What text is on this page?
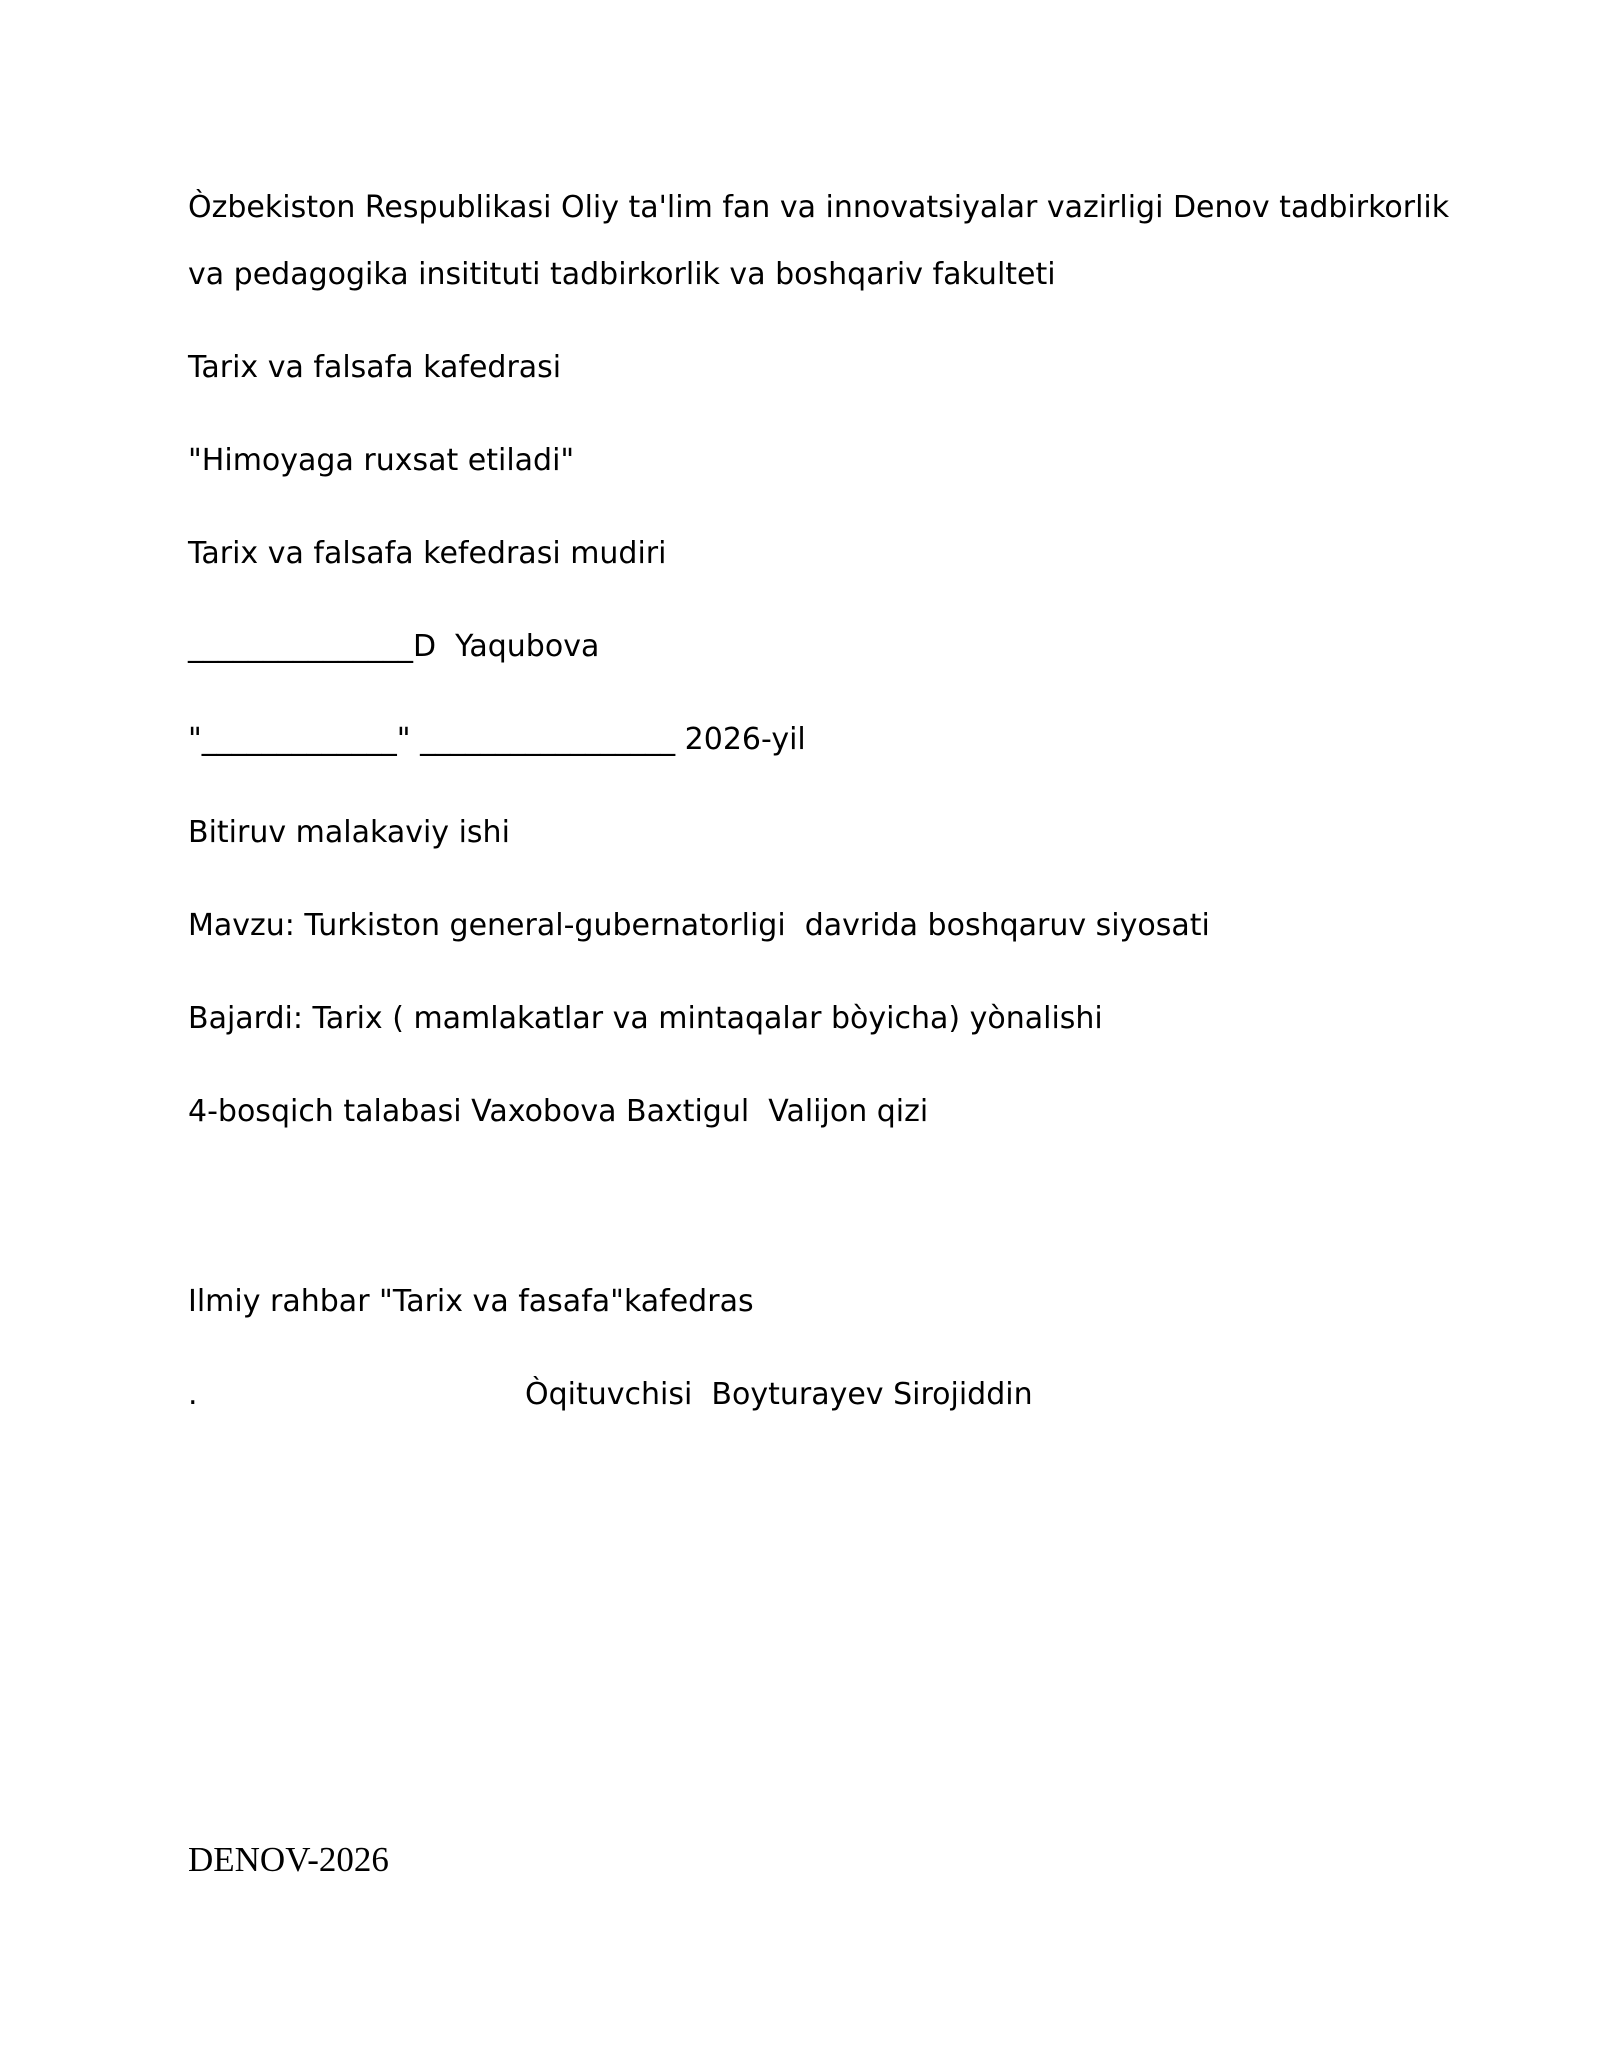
Òzbekiston Respublikasi Oliy ta'lim fan va innovatsiyalar vazirligi Denov tadbirkorlik
va pedagogika insitituti tadbirkorlik va boshqariv fakulteti
Tarix va falsafa kafedrasi
"Himoyaga ruxsat etiladi"
Tarix va falsafa kefedrasi mudiri
_______________D  Yaqubova
"_____________" _________________ 2026-yil
Bitiruv malakaviy ishi
Mavzu: Turkiston general-gubernatorligi  davrida boshqaruv siyosati
Bajardi: Tarix ( mamlakatlar va mintaqalar bòyicha) yònalishi
4-bosqich talabasi Vaxobova Baxtigul  Valijon qizi
Ilmiy rahbar "Tarix va fasafa"kafedras
.	Òqituvchisi  Boyturayev Sirojiddin
DENOV-2026
